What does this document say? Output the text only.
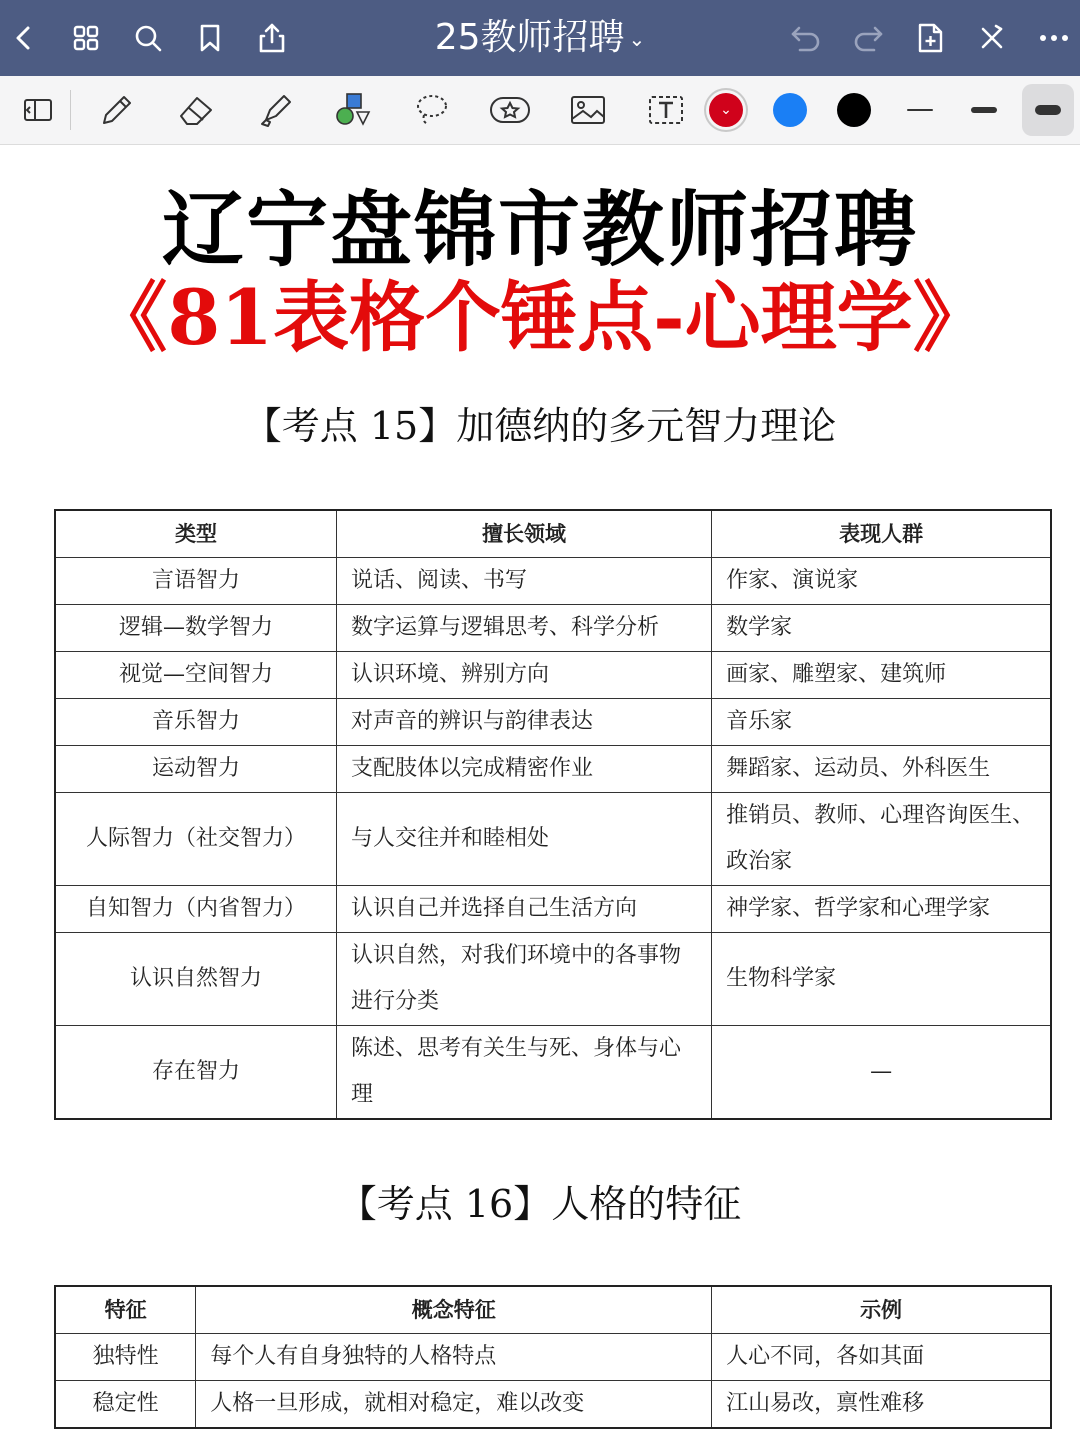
25教师招聘 ⌄
⌄
辽宁盘锦市教师招聘
《81表格个锤点-心理学》
【考点 15】加德纳的多元智力理论
类型	擅长领域	表现人群
言语智力	说话、阅读、书写	作家、演说家
逻辑—数学智力	数字运算与逻辑思考、科学分析	数学家
视觉—空间智力	认识环境、辨别方向	画家、雕塑家、建筑师
音乐智力	对声音的辨识与韵律表达	音乐家
运动智力	支配肢体以完成精密作业	舞蹈家、运动员、外科医生
人际智力（社交智力）	与人交往并和睦相处	推销员、教师、心理咨询医生、政治家
自知智力（内省智力）	认识自己并选择自己生活方向	神学家、哲学家和心理学家
认识自然智力	认识自然，对我们环境中的各事物进行分类	生物科学家
存在智力	陈述、思考有关生与死、身体与心理	—
【考点 16】人格的特征
特征	概念特征	示例
独特性	每个人有自身独特的人格特点	人心不同，各如其面
稳定性	人格一旦形成，就相对稳定，难以改变	江山易改，禀性难移
